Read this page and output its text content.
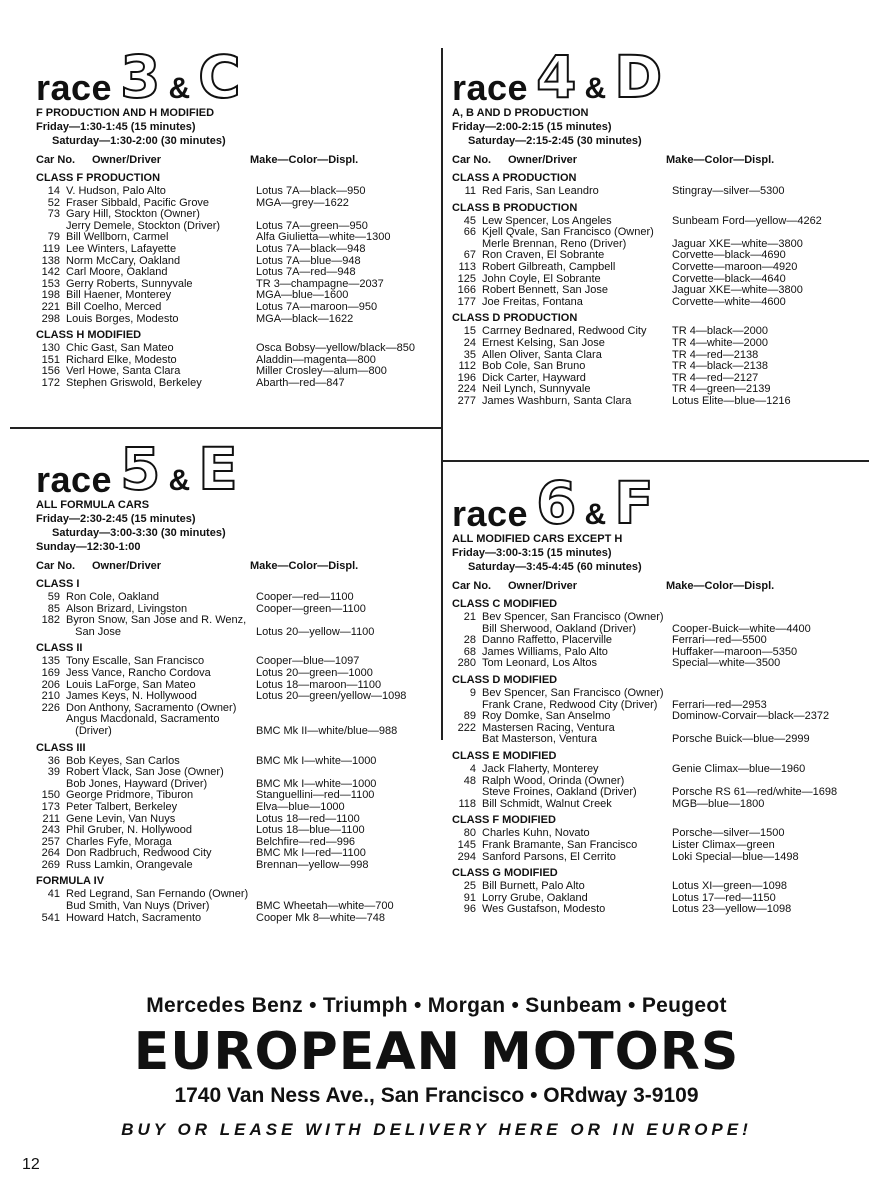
race 3 & C
F PRODUCTION AND H MODIFIED
Friday—1:30-1:45 (15 minutes)
Saturday—1:30-2:00 (30 minutes)
Car No.	Owner/Driver	Make—Color—Displ.
CLASS F PRODUCTION
14 V. Hudson, Palo Alto	Lotus 7A—black—950
52 Fraser Sibbald, Pacific Grove	MGA—grey—1622
73 Gary Hill, Stockton (Owner)
Jerry Demele, Stockton (Driver)	Lotus 7A—green—950
79 Bill Wellborn, Carmel	Alfa Giulietta—white—1300
119 Lee Winters, Lafayette	Lotus 7A—black—948
138 Norm McCary, Oakland	Lotus 7A—blue—948
142 Carl Moore, Oakland	Lotus 7A—red—948
153 Gerry Roberts, Sunnyvale	TR 3—champagne—2037
198 Bill Haener, Monterey	MGA—blue—1600
221 Bill Coelho, Merced	Lotus 7A—maroon—950
298 Louis Borges, Modesto	MGA—black—1622
CLASS H MODIFIED
130 Chic Gast, San Mateo	Osca Bobsy—yellow/black—850
151 Richard Elke, Modesto	Aladdin—magenta—800
156 Verl Howe, Santa Clara	Miller Crosley—alum—800
172 Stephen Griswold, Berkeley	Abarth—red—847
race 4 & D
A, B AND D PRODUCTION
Friday—2:00-2:15 (15 minutes)
Saturday—2:15-2:45 (30 minutes)
Car No.	Owner/Driver	Make—Color—Displ.
CLASS A PRODUCTION
11 Red Faris, San Leandro	Stingray—silver—5300
CLASS B PRODUCTION
45 Lew Spencer, Los Angeles	Sunbeam Ford—yellow—4262
66 Kjell Qvale, San Francisco (Owner)
Merle Brennan, Reno (Driver)	Jaguar XKE—white—3800
67 Ron Craven, El Sobrante	Corvette—black—4690
113 Robert Gilbreath, Campbell	Corvette—maroon—4920
125 John Coyle, El Sobrante	Corvette—black—4640
166 Robert Bennett, San Jose	Jaguar XKE—white—3800
177 Joe Freitas, Fontana	Corvette—white—4600
CLASS D PRODUCTION
15 Carrney Bednared, Redwood City	TR 4—black—2000
24 Ernest Kelsing, San Jose	TR 4—white—2000
35 Allen Oliver, Santa Clara	TR 4—red—2138
112 Bob Cole, San Bruno	TR 4—black—2138
196 Dick Carter, Hayward	TR 4—red—2127
224 Neil Lynch, Sunnyvale	TR 4—green—2139
277 James Washburn, Santa Clara	Lotus Elite—blue—1216
race 5 & E
ALL FORMULA CARS
Friday—2:30-2:45 (15 minutes)
Saturday—3:00-3:30 (30 minutes)
Sunday—12:30-1:00
Car No.	Owner/Driver	Make—Color—Displ.
CLASS I
59 Ron Cole, Oakland	Cooper—red—1100
85 Alson Brizard, Livingston	Cooper—green—1100
182 Byron Snow, San Jose and R. Wenz,
San Jose	Lotus 20—yellow—1100
CLASS II
135 Tony Escalle, San Francisco	Cooper—blue—1097
169 Jess Vance, Rancho Cordova	Lotus 20—green—1000
206 Louis LaForge, San Mateo	Lotus 18—maroon—1100
210 James Keys, N. Hollywood	Lotus 20—green/yellow—1098
226 Don Anthony, Sacramento (Owner)
Angus Macdonald, Sacramento
(Driver)	BMC Mk II—white/blue—988
CLASS III
36 Bob Keyes, San Carlos	BMC Mk I—white—1000
39 Robert Vlack, San Jose (Owner)
Bob Jones, Hayward (Driver)	BMC Mk I—white—1000
150 George Pridmore, Tiburon	Stanguellini—red—1100
173 Peter Talbert, Berkeley	Elva—blue—1000
211 Gene Levin, Van Nuys	Lotus 18—red—1100
243 Phil Gruber, N. Hollywood	Lotus 18—blue—1100
257 Charles Fyfe, Moraga	Belchfire—red—996
264 Don Radbruch, Redwood City	BMC Mk I—red—1100
269 Russ Lamkin, Orangevale	Brennan—yellow—998
FORMULA IV
41 Red Legrand, San Fernando (Owner)
Bud Smith, Van Nuys (Driver)	BMC Wheetah—white—700
541 Howard Hatch, Sacramento	Cooper Mk 8—white—748
race 6 & F
ALL MODIFIED CARS EXCEPT H
Friday—3:00-3:15 (15 minutes)
Saturday—3:45-4:45 (60 minutes)
Car No.	Owner/Driver	Make—Color—Displ.
CLASS C MODIFIED
21 Bev Spencer, San Francisco (Owner)
Bill Sherwood, Oakland (Driver)	Cooper-Buick—white—4400
28 Danno Raffetto, Placerville	Ferrari—red—5500
68 James Williams, Palo Alto	Huffaker—maroon—5350
280 Tom Leonard, Los Altos	Special—white—3500
CLASS D MODIFIED
9 Bev Spencer, San Francisco (Owner)
Frank Crane, Redwood City (Driver)	Ferrari—red—2953
89 Roy Domke, San Anselmo	Dominow-Corvair—black—2372
222 Mastersen Racing, Ventura
Bat Masterson, Ventura	Porsche Buick—blue—2999
CLASS E MODIFIED
4 Jack Flaherty, Monterey	Genie Climax—blue—1960
48 Ralph Wood, Orinda (Owner)
Steve Froines, Oakland (Driver)	Porsche RS 61—red/white—1698
118 Bill Schmidt, Walnut Creek	MGB—blue—1800
CLASS F MODIFIED
80 Charles Kuhn, Novato	Porsche—silver—1500
145 Frank Bramante, San Francisco	Lister Climax—green
294 Sanford Parsons, El Cerrito	Loki Special—blue—1498
CLASS G MODIFIED
25 Bill Burnett, Palo Alto	Lotus XI—green—1098
91 Lorry Grube, Oakland	Lotus 17—red—1150
96 Wes Gustafson, Modesto	Lotus 23—yellow—1098
Mercedes Benz • Triumph • Morgan • Sunbeam • Peugeot
EUROPEAN MOTORS
1740 Van Ness Ave., San Francisco • ORdway 3-9109
BUY OR LEASE WITH DELIVERY HERE OR IN EUROPE!
12
